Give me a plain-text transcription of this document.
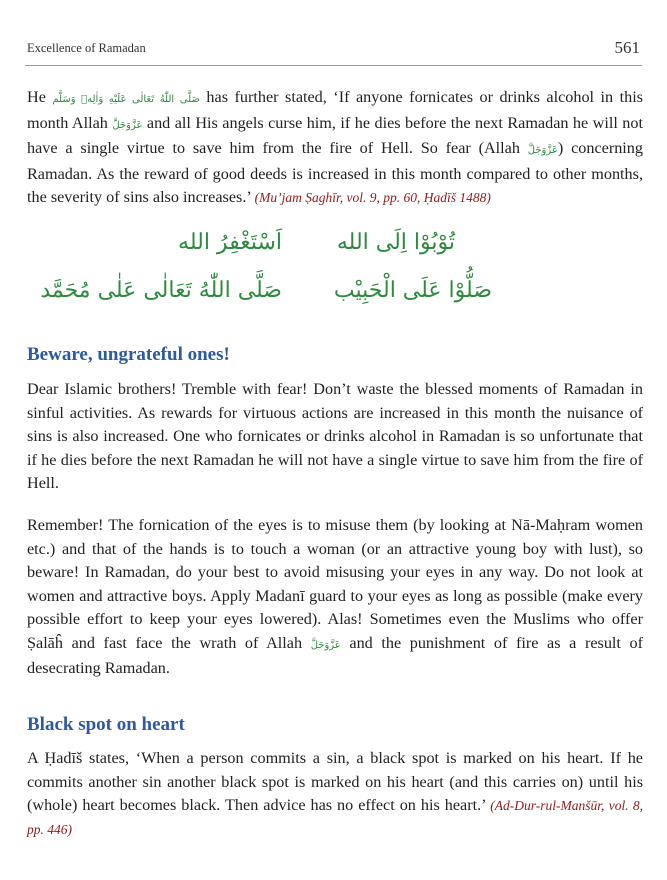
Excellence of Ramadan	561

He صَلَّى اللّٰهُ تَعَالٰی عَلَيْهِ وَاٰلِهٖ وَسَلَّم has further stated, ‘If anyone fornicates or drinks alcohol in this month Allah عَزَّوَجَلَّ and all His angels curse him, if he dies before the next Ramadan he will not have a single virtue to save him from the fire of Hell. So fear (Allah عَزَّوَجَلَّ) concerning Ramadan. As the reward of good deeds is increased in this month compared to other months, the severity of sins also increases.’ (Mu’jam Ṣaghīr, vol. 9, pp. 60, Ḥadīš 1488)

تُوْبُوْا اِلَى الله
اَسْتَغْفِرُ الله
صَلُّوْا عَلَى الْحَبِيْب
صَلَّى اللّٰهُ تَعَالٰى عَلٰى مُحَمَّد
Beware, ungrateful ones!

Dear Islamic brothers! Tremble with fear! Don’t waste the blessed moments of Ramadan in sinful activities. As rewards for virtuous actions are increased in this month the nuisance of sins is also increased. One who fornicates or drinks alcohol in Ramadan is so unfortunate that if he dies before the next Ramadan he will not have a single virtue to save him from the fire of Hell.

Remember! The fornication of the eyes is to misuse them (by looking at Nā-Maḥram women etc.) and that of the hands is to touch a woman (or an attractive young boy with lust), so beware! In Ramadan, do your best to avoid misusing your eyes in any way. Do not look at women and attractive boys. Apply Madanī guard to your eyes as long as possible (make every possible effort to keep your eyes lowered). Alas! Sometimes even the Muslims who offer Ṣalāĥ and fast face the wrath of Allah عَزَّوَجَلَّ and the punishment of fire as a result of desecrating Ramadan.

Black spot on heart

A Ḥadīš states, ‘When a person commits a sin, a black spot is marked on his heart. If he commits another sin another black spot is marked on his heart (and this carries on) until his (whole) heart becomes black. Then advice has no effect on his heart.’ (Ad-Dur-rul-Manšūr, vol. 8, pp. 446)
